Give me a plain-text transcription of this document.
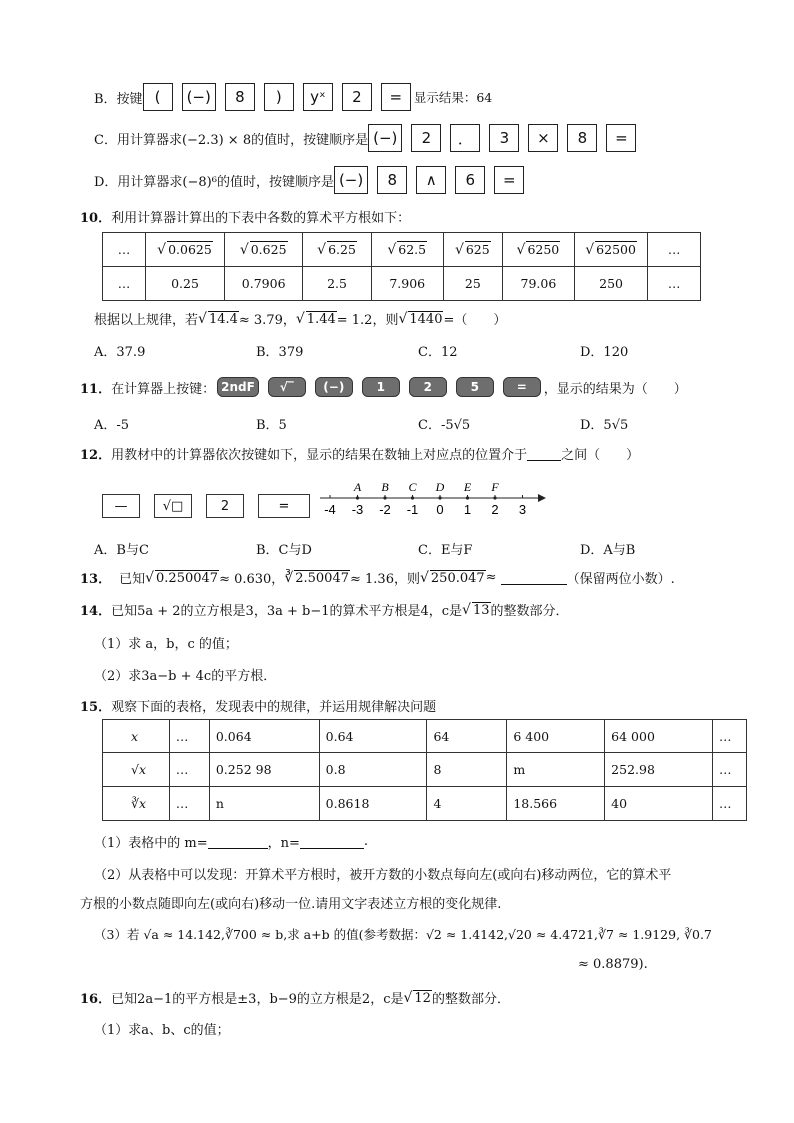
B．按键 (	(−)	8	)	yˣ	2	= 显示结果：64
C．用计算器求(−2.3) × 8的值时，按键顺序是 (−)	2	．	3	×	8	=
D．用计算器求(−8)⁶的值时，按键顺序是 (−)	8	∧	6	=
10． 利用计算器计算出的下表中各数的算术平方根如下：
…	√ 0.0625	√ 0.625	√ 6.25	√ 62.5	√ 625	√ 6250	√ 62500	…
…	0.25	0.7906	2.5	7.906	25	79.06	250	…
根据以上规律，若 √ 14.4 ≈ 3.79， √ 1.44 = 1.2，则 √ 1440 =（　　）
A．37.9	B．379	C．12	D．120
11． 在计算器上按键： 2ndF	√‾	(−)	1	2	5	=	，显示的结果为（　　）
A．-5	B．5	C．-5√5	D．5√5
12． 用教材中的计算器依次按键如下，显示的结果在数轴上对应点的位置介于	之间（　　）
—	√□	2	=	-4 -3 -2 -1 0 1 2 3
A B C D E F
A．B与C	B．C与D	C．E与F	D．A与B
13． 已知 √ 0.250047 ≈ 0.630， ∛ 2.50047 ≈ 1.36，则 √ 250.047 ≈	（保留两位小数）.
14． 已知5a + 2的立方根是3，3a + b−1的算术平方根是4，c是 √ 13 的整数部分．
（1）求 a，b，c 的值；
（2）求3a−b + 4c的平方根．
15． 观察下面的表格，发现表中的规律，并运用规律解决问题
x	…	0.064	0.64	64	6 400	64 000	…
√x	…	0.252 98	0.8	8	m	252.98	…
∛x	…	n	0.8618	4	18.566	40	…
（1）表格中的 m=	，n=	.
（2）从表格中可以发现：开算术平方根时，被开方数的小数点每向左(或向右)移动两位，它的算术平
方根的小数点随即向左(或向右)移动一位.请用文字表述立方根的变化规律.
（3）若 √a ≈ 14.142,∛700 ≈ b,求 a+b 的值(参考数据：√2 ≈ 1.4142,√20 ≈ 4.4721,∛7 ≈ 1.9129, ∛0.7
≈ 0.8879).
16． 已知2a−1的平方根是±3，b−9的立方根是2，c是 √ 12 的整数部分．
（1）求a、b、c的值；
